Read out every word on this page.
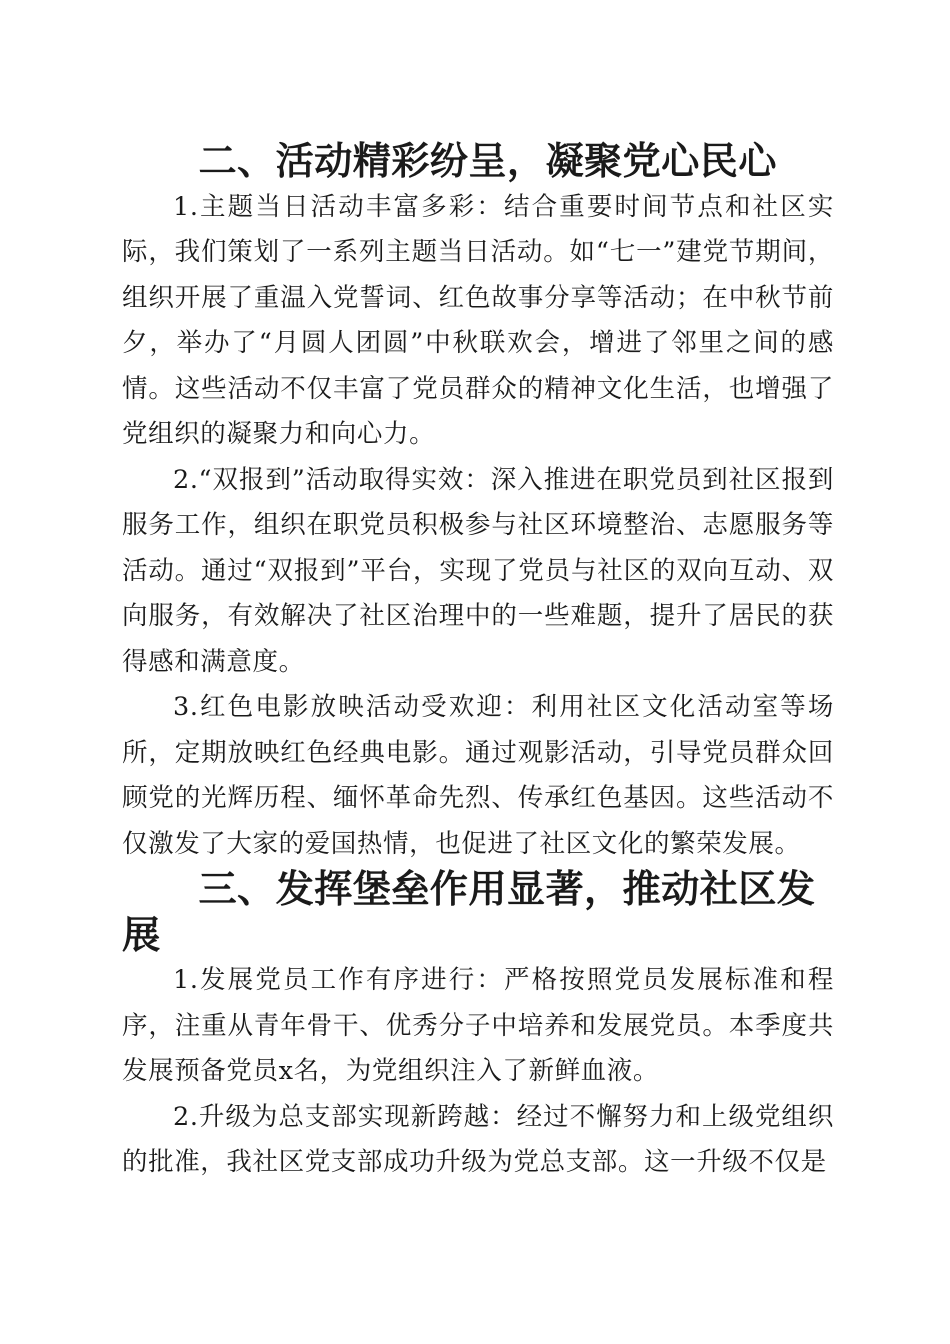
二、活动精彩纷呈，凝聚党心民心

1.主题当日活动丰富多彩：结合重要时间节点和社区实际，我们策划了一系列主题当日活动。如“七一”建党节期间，组织开展了重温入党誓词、红色故事分享等活动；在中秋节前夕，举办了“月圆人团圆”中秋联欢会，增进了邻里之间的感情。这些活动不仅丰富了党员群众的精神文化生活，也增强了党组织的凝聚力和向心力。

2.“双报到”活动取得实效：深入推进在职党员到社区报到服务工作，组织在职党员积极参与社区环境整治、志愿服务等活动。通过“双报到”平台，实现了党员与社区的双向互动、双向服务，有效解决了社区治理中的一些难题，提升了居民的获得感和满意度。

3.红色电影放映活动受欢迎：利用社区文化活动室等场所，定期放映红色经典电影。通过观影活动，引导党员群众回顾党的光辉历程、缅怀革命先烈、传承红色基因。这些活动不仅激发了大家的爱国热情，也促进了社区文化的繁荣发展。

三、发挥堡垒作用显著，推动社区发展

1.发展党员工作有序进行：严格按照党员发展标准和程序，注重从青年骨干、优秀分子中培养和发展党员。本季度共发展预备党员x名，为党组织注入了新鲜血液。

2.升级为总支部实现新跨越：经过不懈努力和上级党组织的批准，我社区党支部成功升级为党总支部。这一升级不仅是
